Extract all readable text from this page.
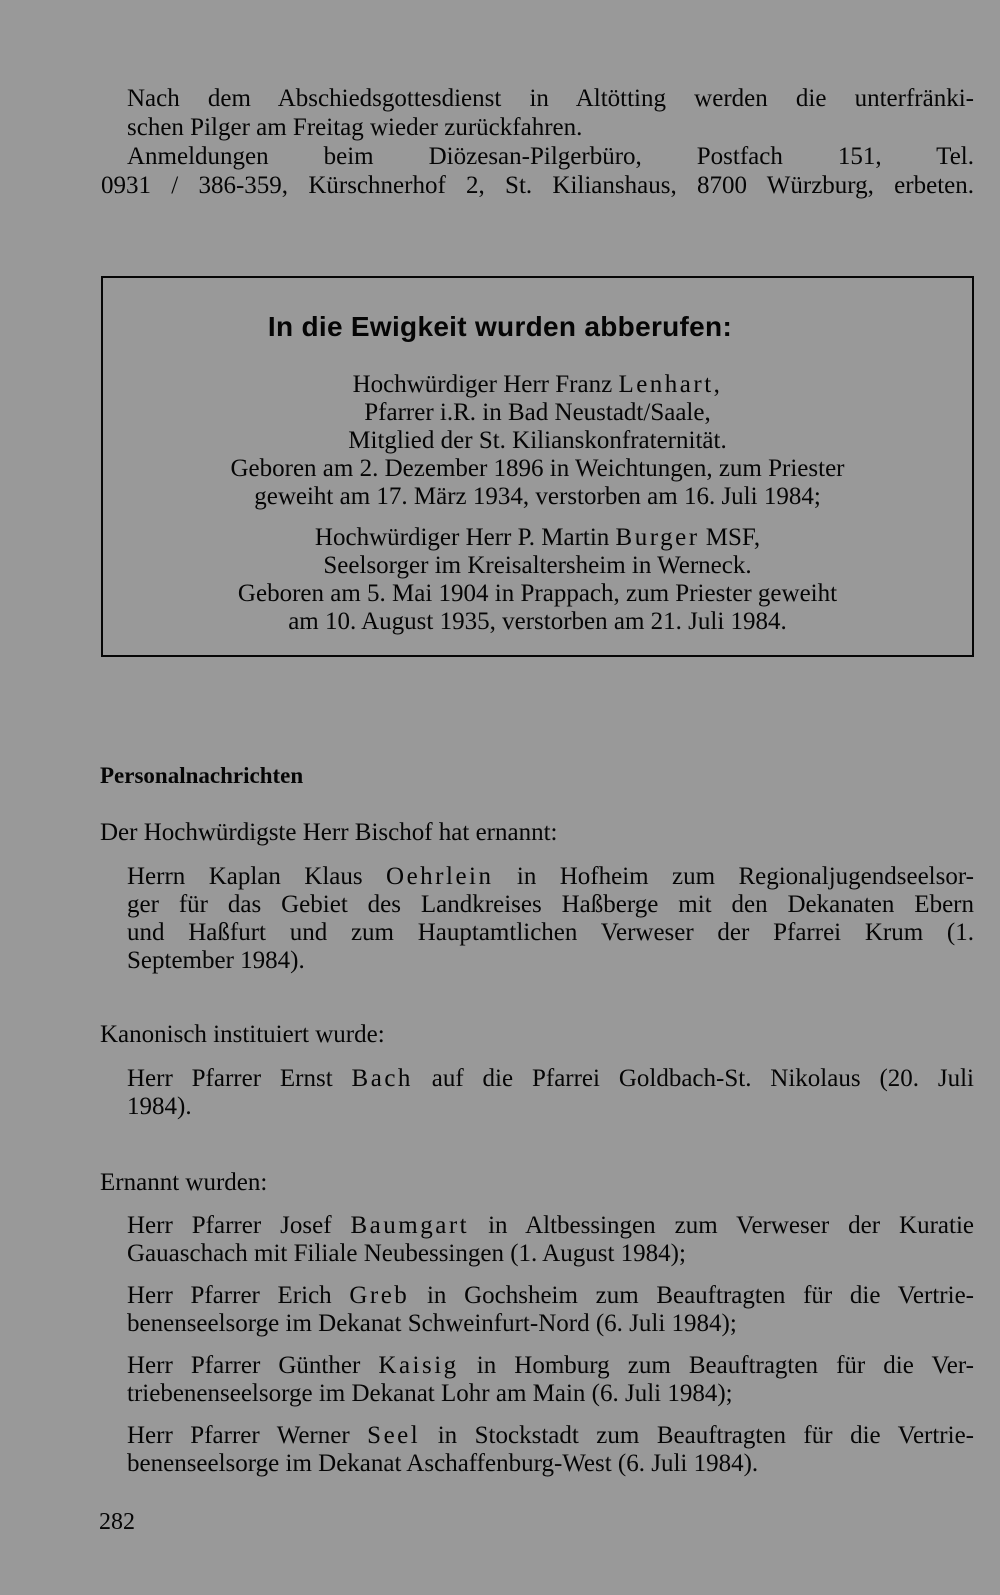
Nach dem Abschiedsgottesdienst in Altötting werden die unterfränki-
schen Pilger am Freitag wieder zurückfahren.
Anmeldungen beim Diözesan-Pilgerbüro, Postfach 151, Tel.
0931 / 386-359, Kürschnerhof 2, St. Kilianshaus, 8700 Würzburg, erbeten.
In die Ewigkeit wurden abberufen:
Hochwürdiger Herr Franz Lenhart,
Pfarrer i.R. in Bad Neustadt/Saale,
Mitglied der St. Kilianskonfraternität.
Geboren am 2. Dezember 1896 in Weichtungen, zum Priester
geweiht am 17. März 1934, verstorben am 16. Juli 1984;
Hochwürdiger Herr P. Martin Burger MSF,
Seelsorger im Kreisaltersheim in Werneck.
Geboren am 5. Mai 1904 in Prappach, zum Priester geweiht
am 10. August 1935, verstorben am 21. Juli 1984.
Personalnachrichten
Der Hochwürdigste Herr Bischof hat ernannt:
Herrn Kaplan Klaus Oehrlein in Hofheim zum Regionaljugendseelsor-
ger für das Gebiet des Landkreises Haßberge mit den Dekanaten Ebern
und Haßfurt und zum Hauptamtlichen Verweser der Pfarrei Krum (1.
September 1984).
Kanonisch instituiert wurde:
Herr Pfarrer Ernst Bach auf die Pfarrei Goldbach-St. Nikolaus (20. Juli
1984).
Ernannt wurden:
Herr Pfarrer Josef Baumgart in Altbessingen zum Verweser der Kuratie
Gauaschach mit Filiale Neubessingen (1. August 1984);
Herr Pfarrer Erich Greb in Gochsheim zum Beauftragten für die Vertrie-
benenseelsorge im Dekanat Schweinfurt-Nord (6. Juli 1984);
Herr Pfarrer Günther Kaisig in Homburg zum Beauftragten für die Ver-
triebenenseelsorge im Dekanat Lohr am Main (6. Juli 1984);
Herr Pfarrer Werner Seel in Stockstadt zum Beauftragten für die Vertrie-
benenseelsorge im Dekanat Aschaffenburg-West (6. Juli 1984).
282
